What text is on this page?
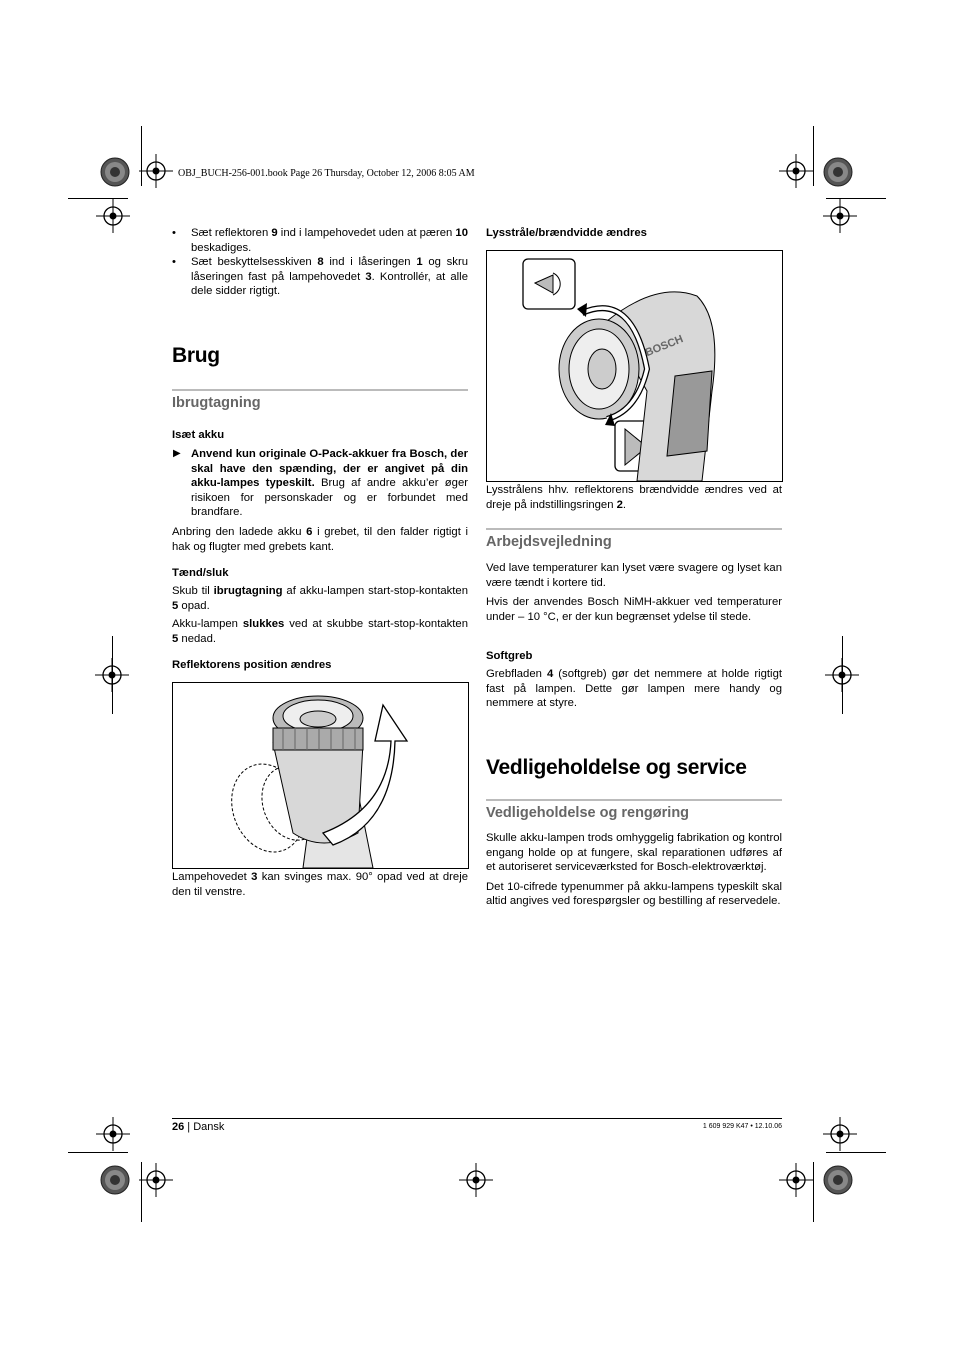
OBJ_BUCH-256-001.book Page 26 Thursday, October 12, 2006 8:05 AM
• Sæt reflektoren 9 ind i lampehovedet uden at pæren 10 beskadiges.
• Sæt beskyttelsesskiven 8 ind i låseringen 1 og skru låseringen fast på lampehovedet 3. Kontrollér, at alle dele sidder rigtigt.
Brug
Ibrugtagning
Isæt akku
▶ Anvend kun originale O-Pack-akkuer fra Bosch, der skal have den spænding, der er angivet på din akku-lampes typeskilt. Brug af andre akku’er øger risikoen for personskader og er forbundet med brandfare.
Anbring den ladede akku 6 i grebet, til den falder rigtigt i hak og flugter med grebets kant.
Tænd/sluk
Skub til ibrugtagning af akku-lampen start-stop-kontakten 5 opad.
Akku-lampen slukkes ved at skubbe start-stop-kontakten 5 nedad.
Reflektorens position ændres
Lampehovedet 3 kan svinges max. 90° opad ved at dreje den til venstre.
Lysstråle/brændvidde ændres
BOSCH
Lysstrålens hhv. reflektorens brændvidde ændres ved at dreje på indstillingsringen 2.
Arbejdsvejledning

Ved lave temperaturer kan lyset være svagere og lyset kan være tændt i kortere tid.

Hvis der anvendes Bosch NiMH-akkuer ved temperaturer under – 10 °C, er der kun begrænset ydelse til stede.

Softgreb
Grebfladen 4 (softgreb) gør det nemmere at holde rigtigt fast på lampen. Dette gør lampen mere handy og nemmere at styre.
Vedligeholdelse og service
Vedligeholdelse og rengøring

Skulle akku-lampen trods omhyggelig fabrikation og kontrol engang holde op at fungere, skal reparationen udføres af et autoriseret serviceværksted for Bosch-elektroværktøj.

Det 10-cifrede typenummer på akku-lampens typeskilt skal altid angives ved forespørgsler og bestilling af reservedele.

26 | Dansk	1 609 929 K47 • 12.10.06
